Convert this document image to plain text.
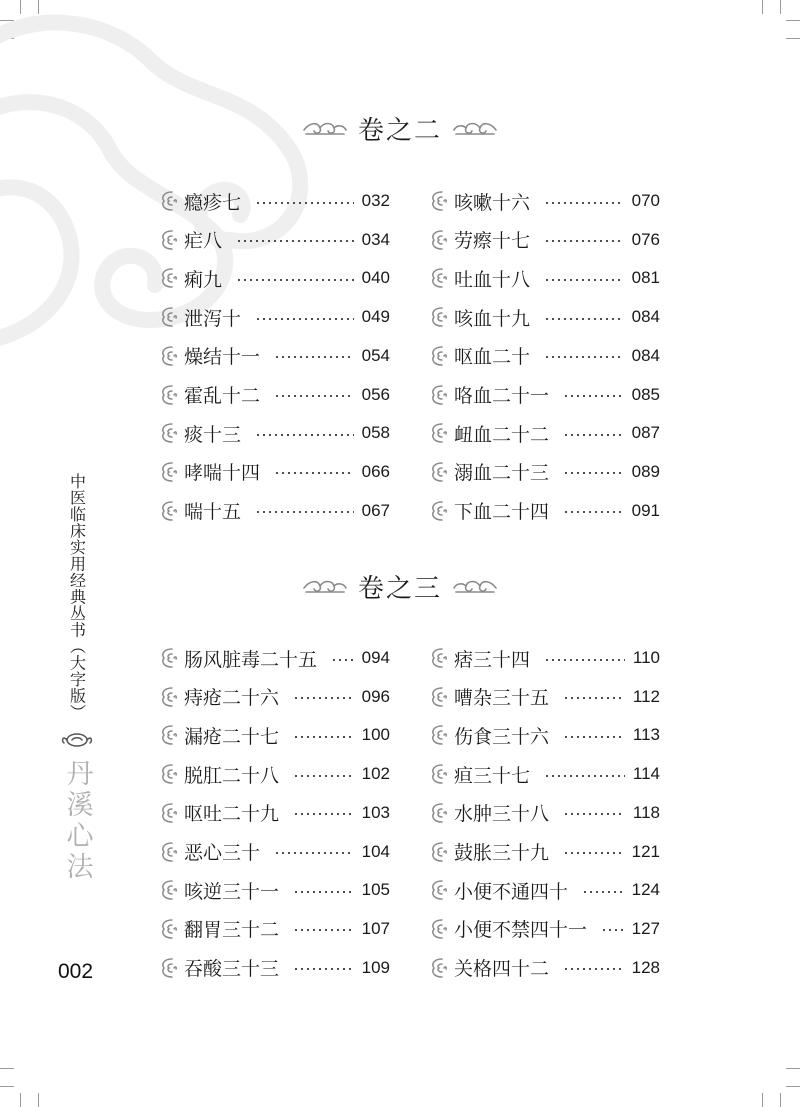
卷之二
卷之三
瘾疹七	032
疟八	034
痢九	040
泄泻十	049
燥结十一	054
霍乱十二	056
痰十三	058
哮喘十四	066
喘十五	067
咳嗽十六	070
劳瘵十七	076
吐血十八	081
咳血十九	084
呕血二十	084
咯血二十一	085
衄血二十二	087
溺血二十三	089
下血二十四	091
肠风脏毒二十五	094
痔疮二十六	096
漏疮二十七	100
脱肛二十八	102
呕吐二十九	103
恶心三十	104
咳逆三十一	105
翻胃三十二	107
吞酸三十三	109
痞三十四	110
嘈杂三十五	112
伤食三十六	113
疸三十七	114
水肿三十八	118
鼓胀三十九	121
小便不通四十	124
小便不禁四十一	127
关格四十二	128
中医临床实用经典丛书（大字版）
丹溪心法
002
